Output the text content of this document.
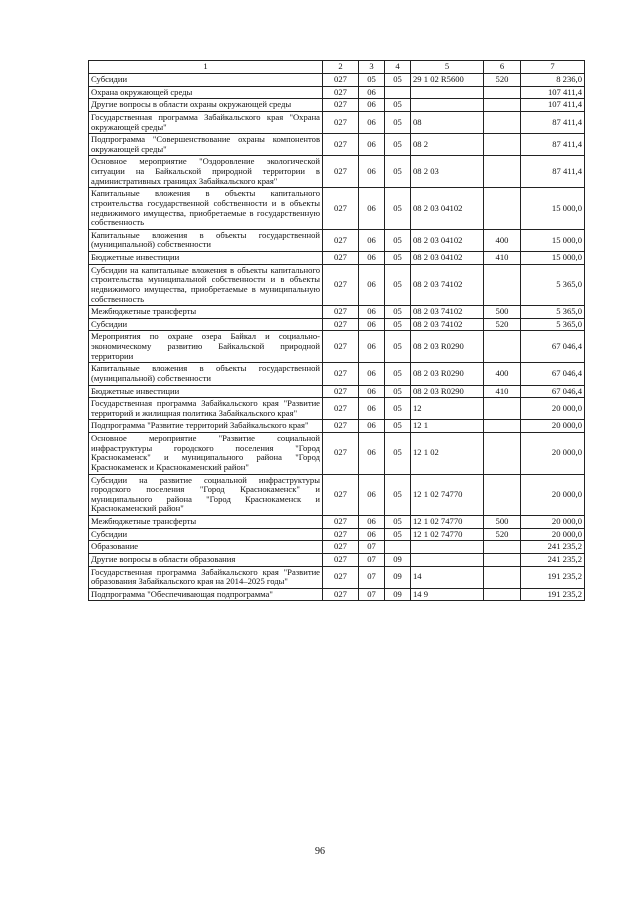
1	2	3	4	5	6	7
Субсидии	027	05	05	29 1 02 R5600	520	8 236,0
Охрана окружающей среды	027	06				107 411,4
Другие вопросы в области охраны окружающей среды	027	06	05			107 411,4
Государственная программа Забайкальского края "Охрана окружающей среды"	027	06	05	08		87 411,4
Подпрограмма "Совершенствование охраны компонентов окружающей среды"	027	06	05	08 2		87 411,4
Основное мероприятие "Оздоровление экологической ситуации на Байкальской природной территории в административных границах Забайкальского края"	027	06	05	08 2 03		87 411,4
Капитальные вложения в объекты капитального строительства государственной собственности и в объекты недвижимого имущества, приобретаемые в государственную собственность	027	06	05	08 2 03 04102		15 000,0
Капитальные вложения в объекты государственной (муниципальной) собственности	027	06	05	08 2 03 04102	400	15 000,0
Бюджетные инвестиции	027	06	05	08 2 03 04102	410	15 000,0
Субсидии на капитальные вложения в объекты капитального строительства муниципальной собственности и в объекты недвижимого имущества, приобретаемые в муниципальную собственность	027	06	05	08 2 03 74102		5 365,0
Межбюджетные трансферты	027	06	05	08 2 03 74102	500	5 365,0
Субсидии	027	06	05	08 2 03 74102	520	5 365,0
Мероприятия по охране озера Байкал и социально-экономическому развитию Байкальской природной территории	027	06	05	08 2 03 R0290		67 046,4
Капитальные вложения в объекты государственной (муниципальной) собственности	027	06	05	08 2 03 R0290	400	67 046,4
Бюджетные инвестиции	027	06	05	08 2 03 R0290	410	67 046,4
Государственная программа Забайкальского края "Развитие территорий и жилищная политика Забайкальского края"	027	06	05	12		20 000,0
Подпрограмма "Развитие территорий Забайкальского края"	027	06	05	12 1		20 000,0
Основное мероприятие "Развитие социальной инфраструктуры городского поселения "Город Краснокаменск" и муниципального района "Город Краснокаменск и Краснокаменский район"	027	06	05	12 1 02		20 000,0
Субсидии на развитие социальной инфраструктуры городского поселения "Город Краснокаменск" и муниципального района "Город Краснокаменск и Краснокаменский район"	027	06	05	12 1 02 74770		20 000,0
Межбюджетные трансферты	027	06	05	12 1 02 74770	500	20 000,0
Субсидии	027	06	05	12 1 02 74770	520	20 000,0
Образование	027	07				241 235,2
Другие вопросы в области образования	027	07	09			241 235,2
Государственная программа Забайкальского края "Развитие образования Забайкальского края на 2014–2025 годы"	027	07	09	14		191 235,2
Подпрограмма "Обеспечивающая подпрограмма"	027	07	09	14 9		191 235,2
96
